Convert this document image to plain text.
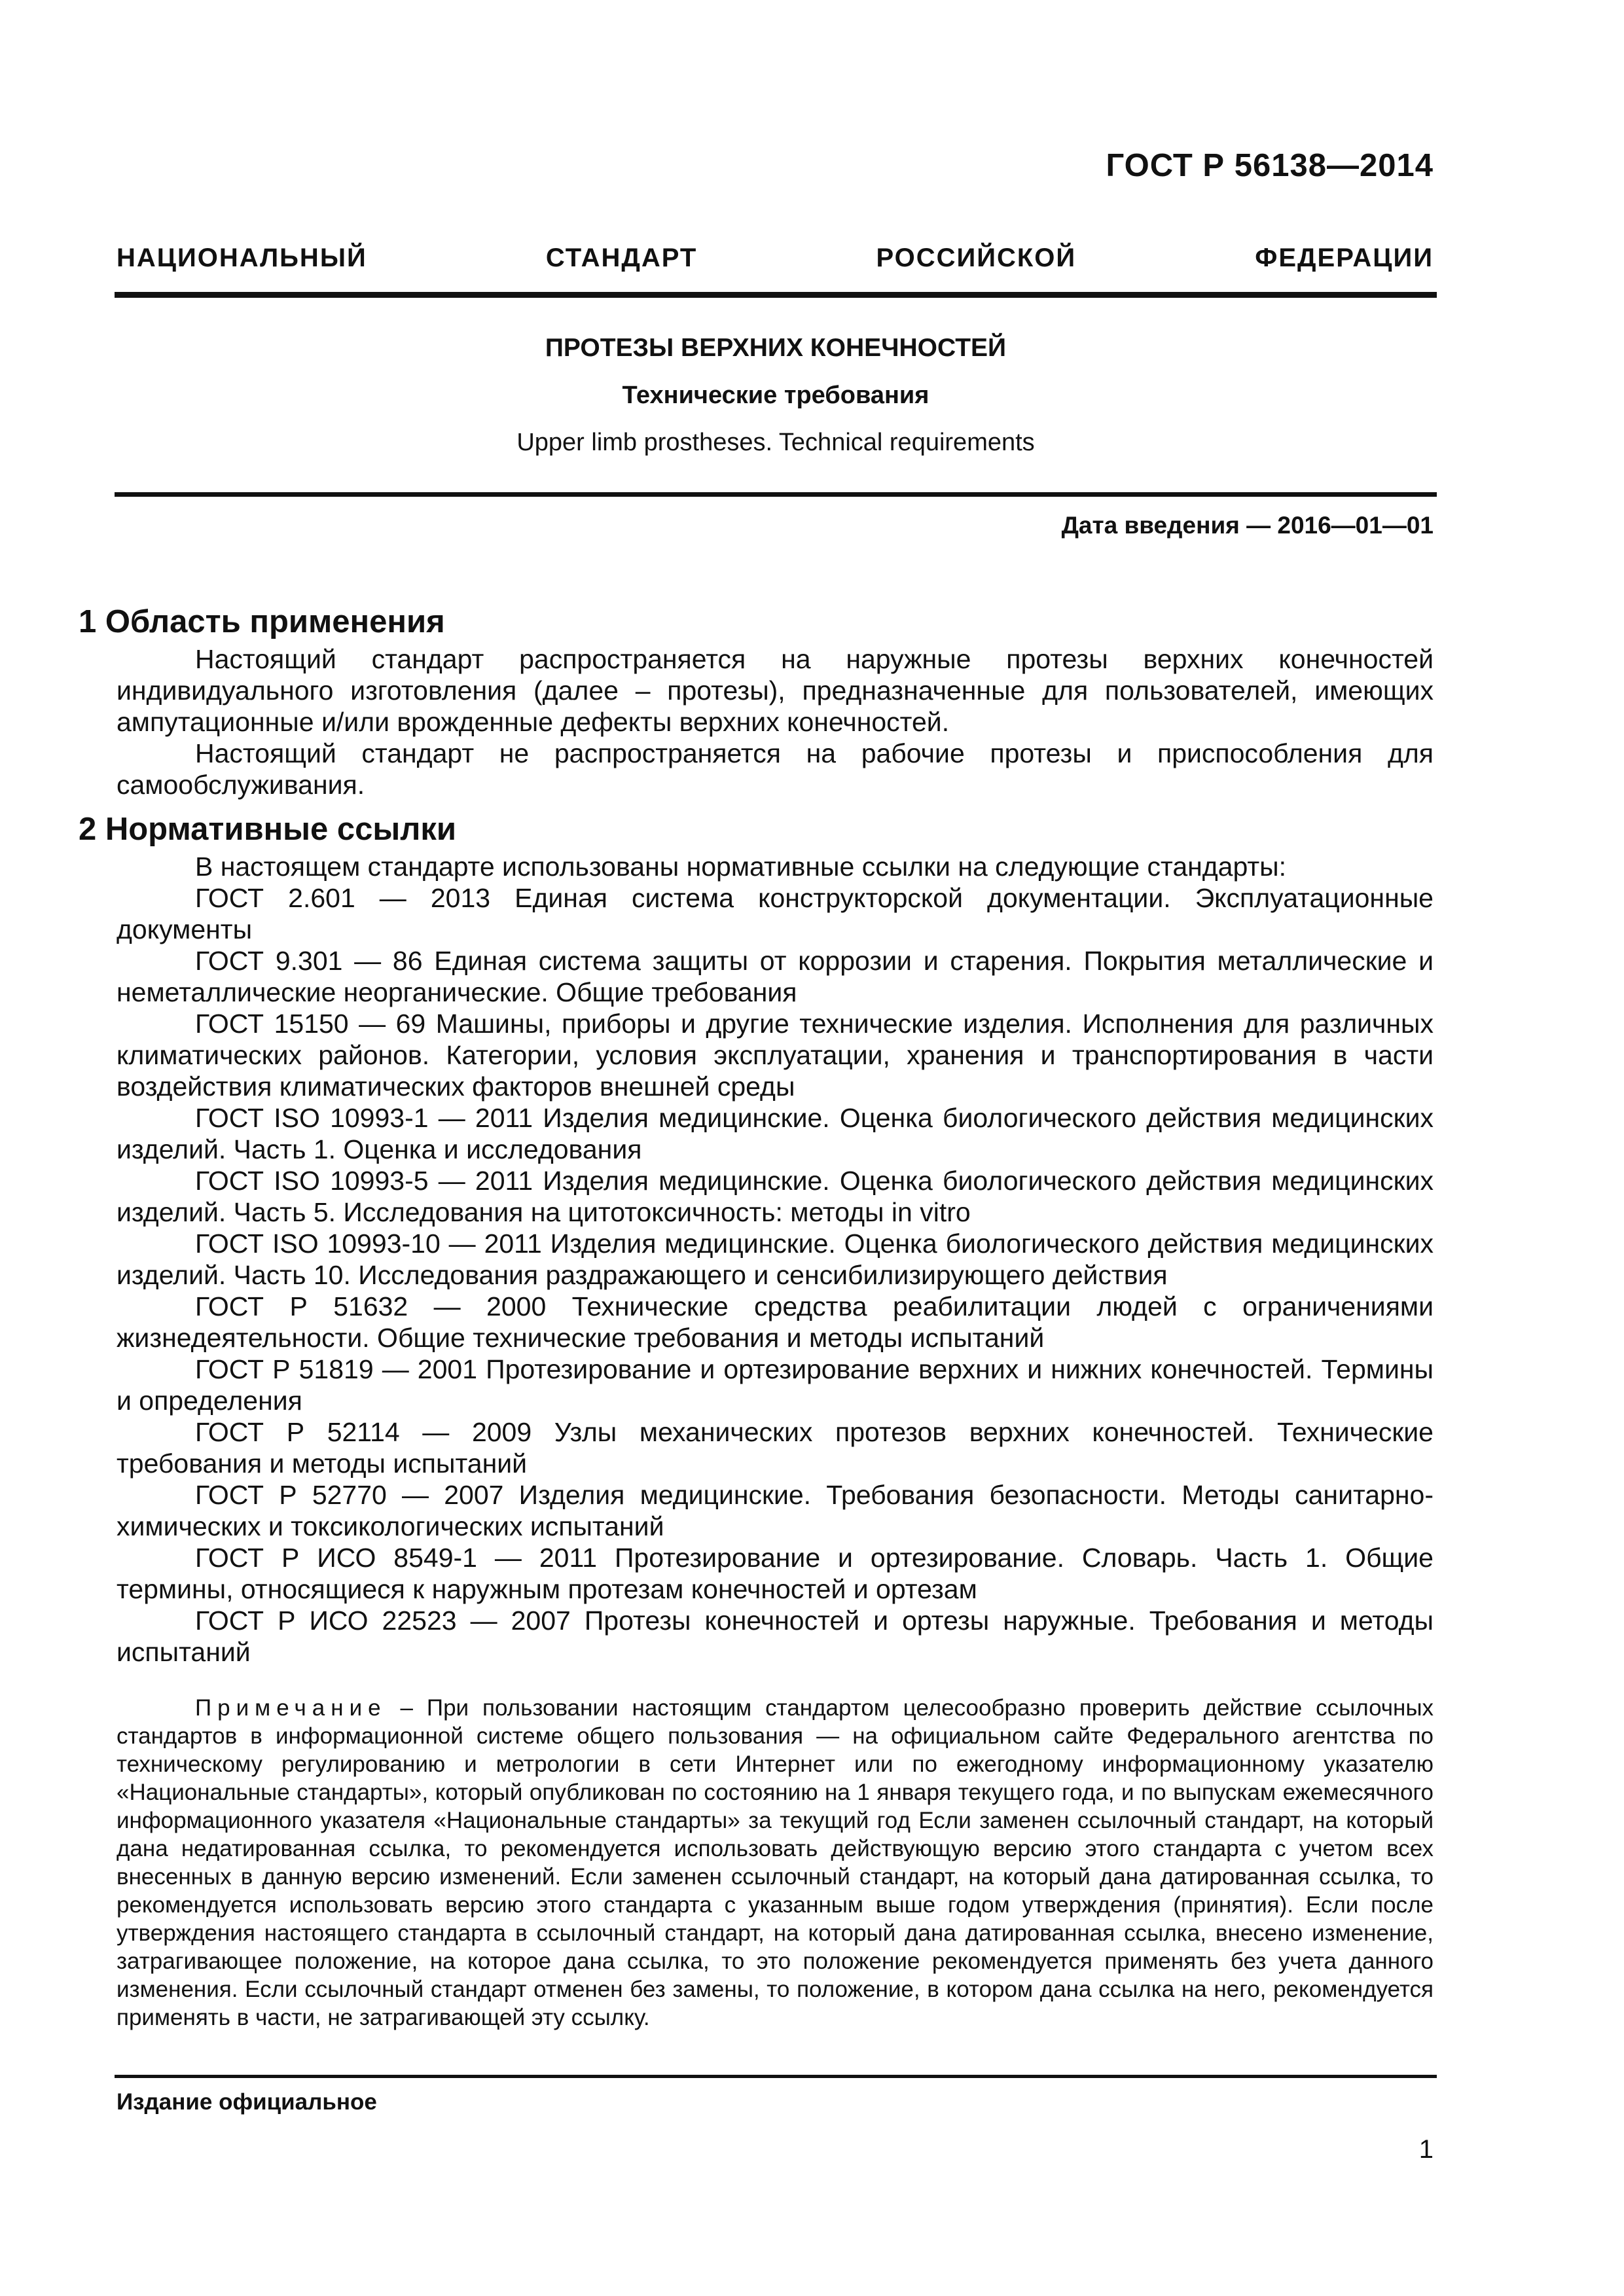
ГОСТ Р 56138—2014
НАЦИОНАЛЬНЫЙ СТАНДАРТ РОССИЙСКОЙ ФЕДЕРАЦИИ
ПРОТЕЗЫ ВЕРХНИХ КОНЕЧНОСТЕЙ
Технические требования
Upper limb prostheses. Technical requirements
Дата введения — 2016—01—01
1 Область применения

Настоящий стандарт распространяется на наружные протезы верхних конечностей индивидуального изготовления (далее – протезы), предназначенные для пользователей, имеющих ампутационные и/или врожденные дефекты верхних конечностей.

Настоящий стандарт не распространяется на рабочие протезы и приспособления для самообслуживания.

2 Нормативные ссылки

В настоящем стандарте использованы нормативные ссылки на следующие стандарты:

ГОСТ 2.601 — 2013 Единая система конструкторской документации. Эксплуатационные документы

ГОСТ 9.301 — 86 Единая система защиты от коррозии и старения. Покрытия металлические и неметаллические неорганические. Общие требования

ГОСТ 15150 — 69 Машины, приборы и другие технические изделия. Исполнения для различных климатических районов. Категории, условия эксплуатации, хранения и транспортирования в части воздействия климатических факторов внешней среды

ГОСТ ISO 10993-1 — 2011 Изделия медицинские. Оценка биологического действия медицинских изделий. Часть 1. Оценка и исследования

ГОСТ ISO 10993-5 — 2011 Изделия медицинские. Оценка биологического действия медицинских изделий. Часть 5. Исследования на цитотоксичность: методы in vitro

ГОСТ ISO 10993-10 — 2011 Изделия медицинские. Оценка биологического действия медицинских изделий. Часть 10. Исследования раздражающего и сенсибилизирующего действия

ГОСТ Р 51632 — 2000 Технические средства реабилитации людей с ограничениями жизнедеятельности. Общие технические требования и методы испытаний

ГОСТ Р 51819 — 2001 Протезирование и ортезирование верхних и нижних конечностей. Термины и определения

ГОСТ Р 52114 — 2009 Узлы механических протезов верхних конечностей. Технические требования и методы испытаний

ГОСТ Р 52770 — 2007 Изделия медицинские. Требования безопасности. Методы санитарно-химических и токсикологических испытаний

ГОСТ Р ИСО 8549-1 — 2011 Протезирование и ортезирование. Словарь. Часть 1. Общие термины, относящиеся к наружным протезам конечностей и ортезам

ГОСТ Р ИСО 22523 — 2007 Протезы конечностей и ортезы наружные. Требования и методы испытаний

Примечание – При пользовании настоящим стандартом целесообразно проверить действие ссылочных стандартов в информационной системе общего пользования — на официальном сайте Федерального агентства по техническому регулированию и метрологии в сети Интернет или по ежегодному информационному указателю «Национальные стандарты», который опубликован по состоянию на 1 января текущего года, и по выпускам ежемесячного информационного указателя «Национальные стандарты» за текущий год Если заменен ссылочный стандарт, на который дана недатированная ссылка, то рекомендуется использовать действующую версию этого стандарта с учетом всех внесенных в данную версию изменений. Если заменен ссылочный стандарт, на который дана датированная ссылка, то рекомендуется использовать версию этого стандарта с указанным выше годом утверждения (принятия). Если после утверждения настоящего стандарта в ссылочный стандарт, на который дана датированная ссылка, внесено изменение, затрагивающее положение, на которое дана ссылка, то это положение рекомендуется применять без учета данного изменения. Если ссылочный стандарт отменен без замены, то положение, в котором дана ссылка на него, рекомендуется применять в части, не затрагивающей эту ссылку.

Издание официальное
1
